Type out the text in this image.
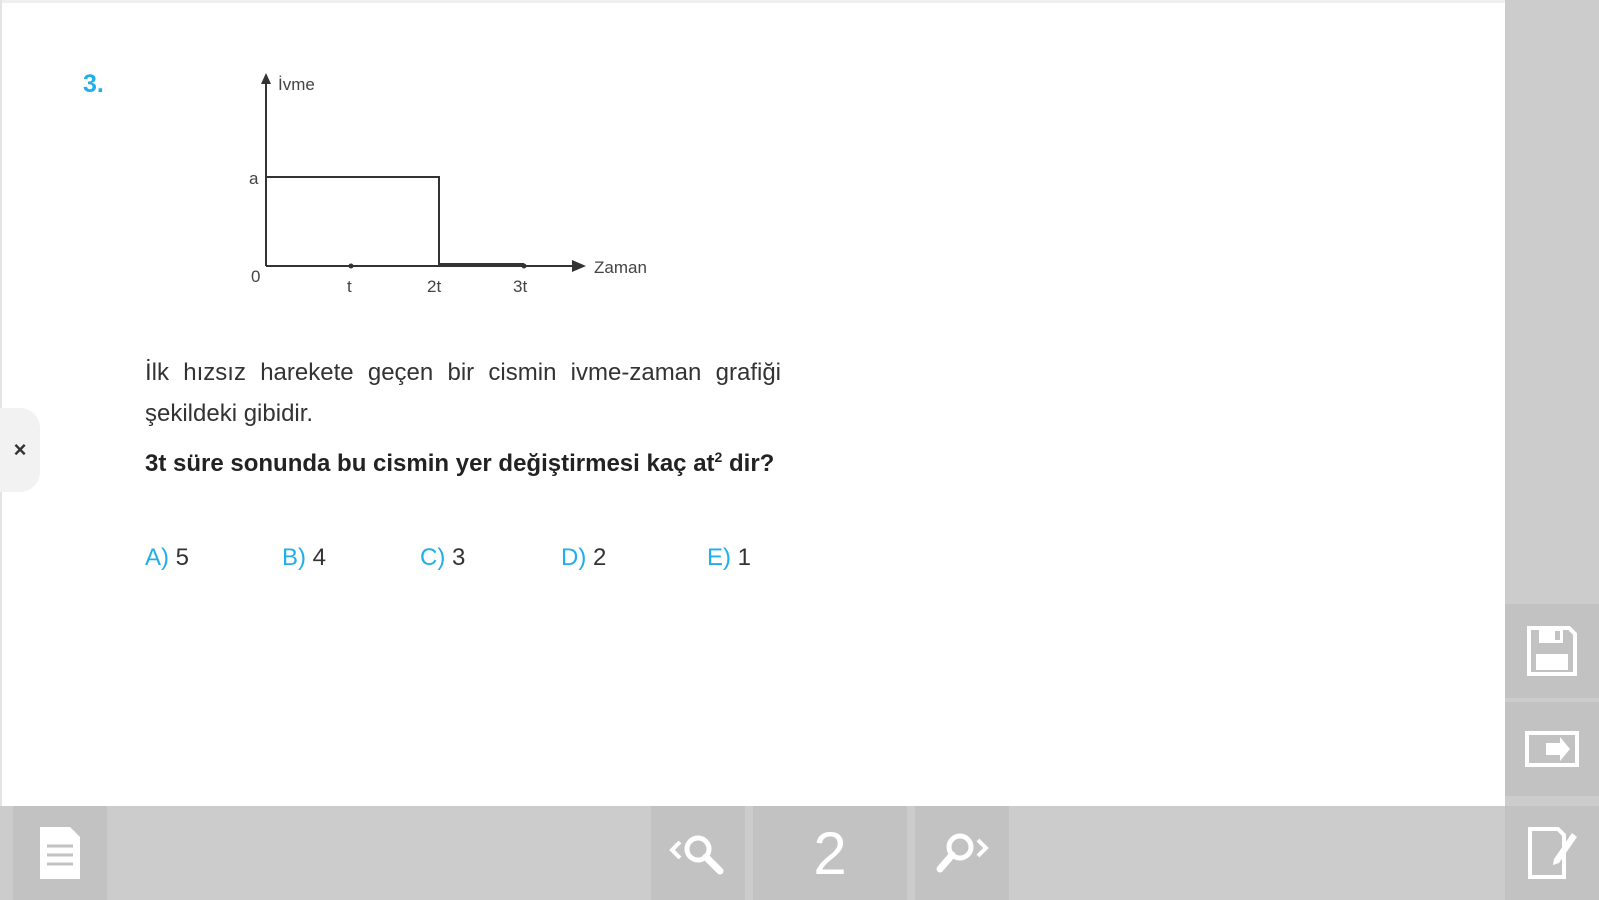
3.	İvme
Zaman
a
0
t	2t	3t
İlk hızsız harekete geçen bir cismin ivme-zaman grafiği şekildeki gibidir.
3t süre sonunda bu cismin yer değiştirmesi kaç $at^2$ dir?
A) 5	B) 4	C) 3	D) 2	E) 1
×
2
